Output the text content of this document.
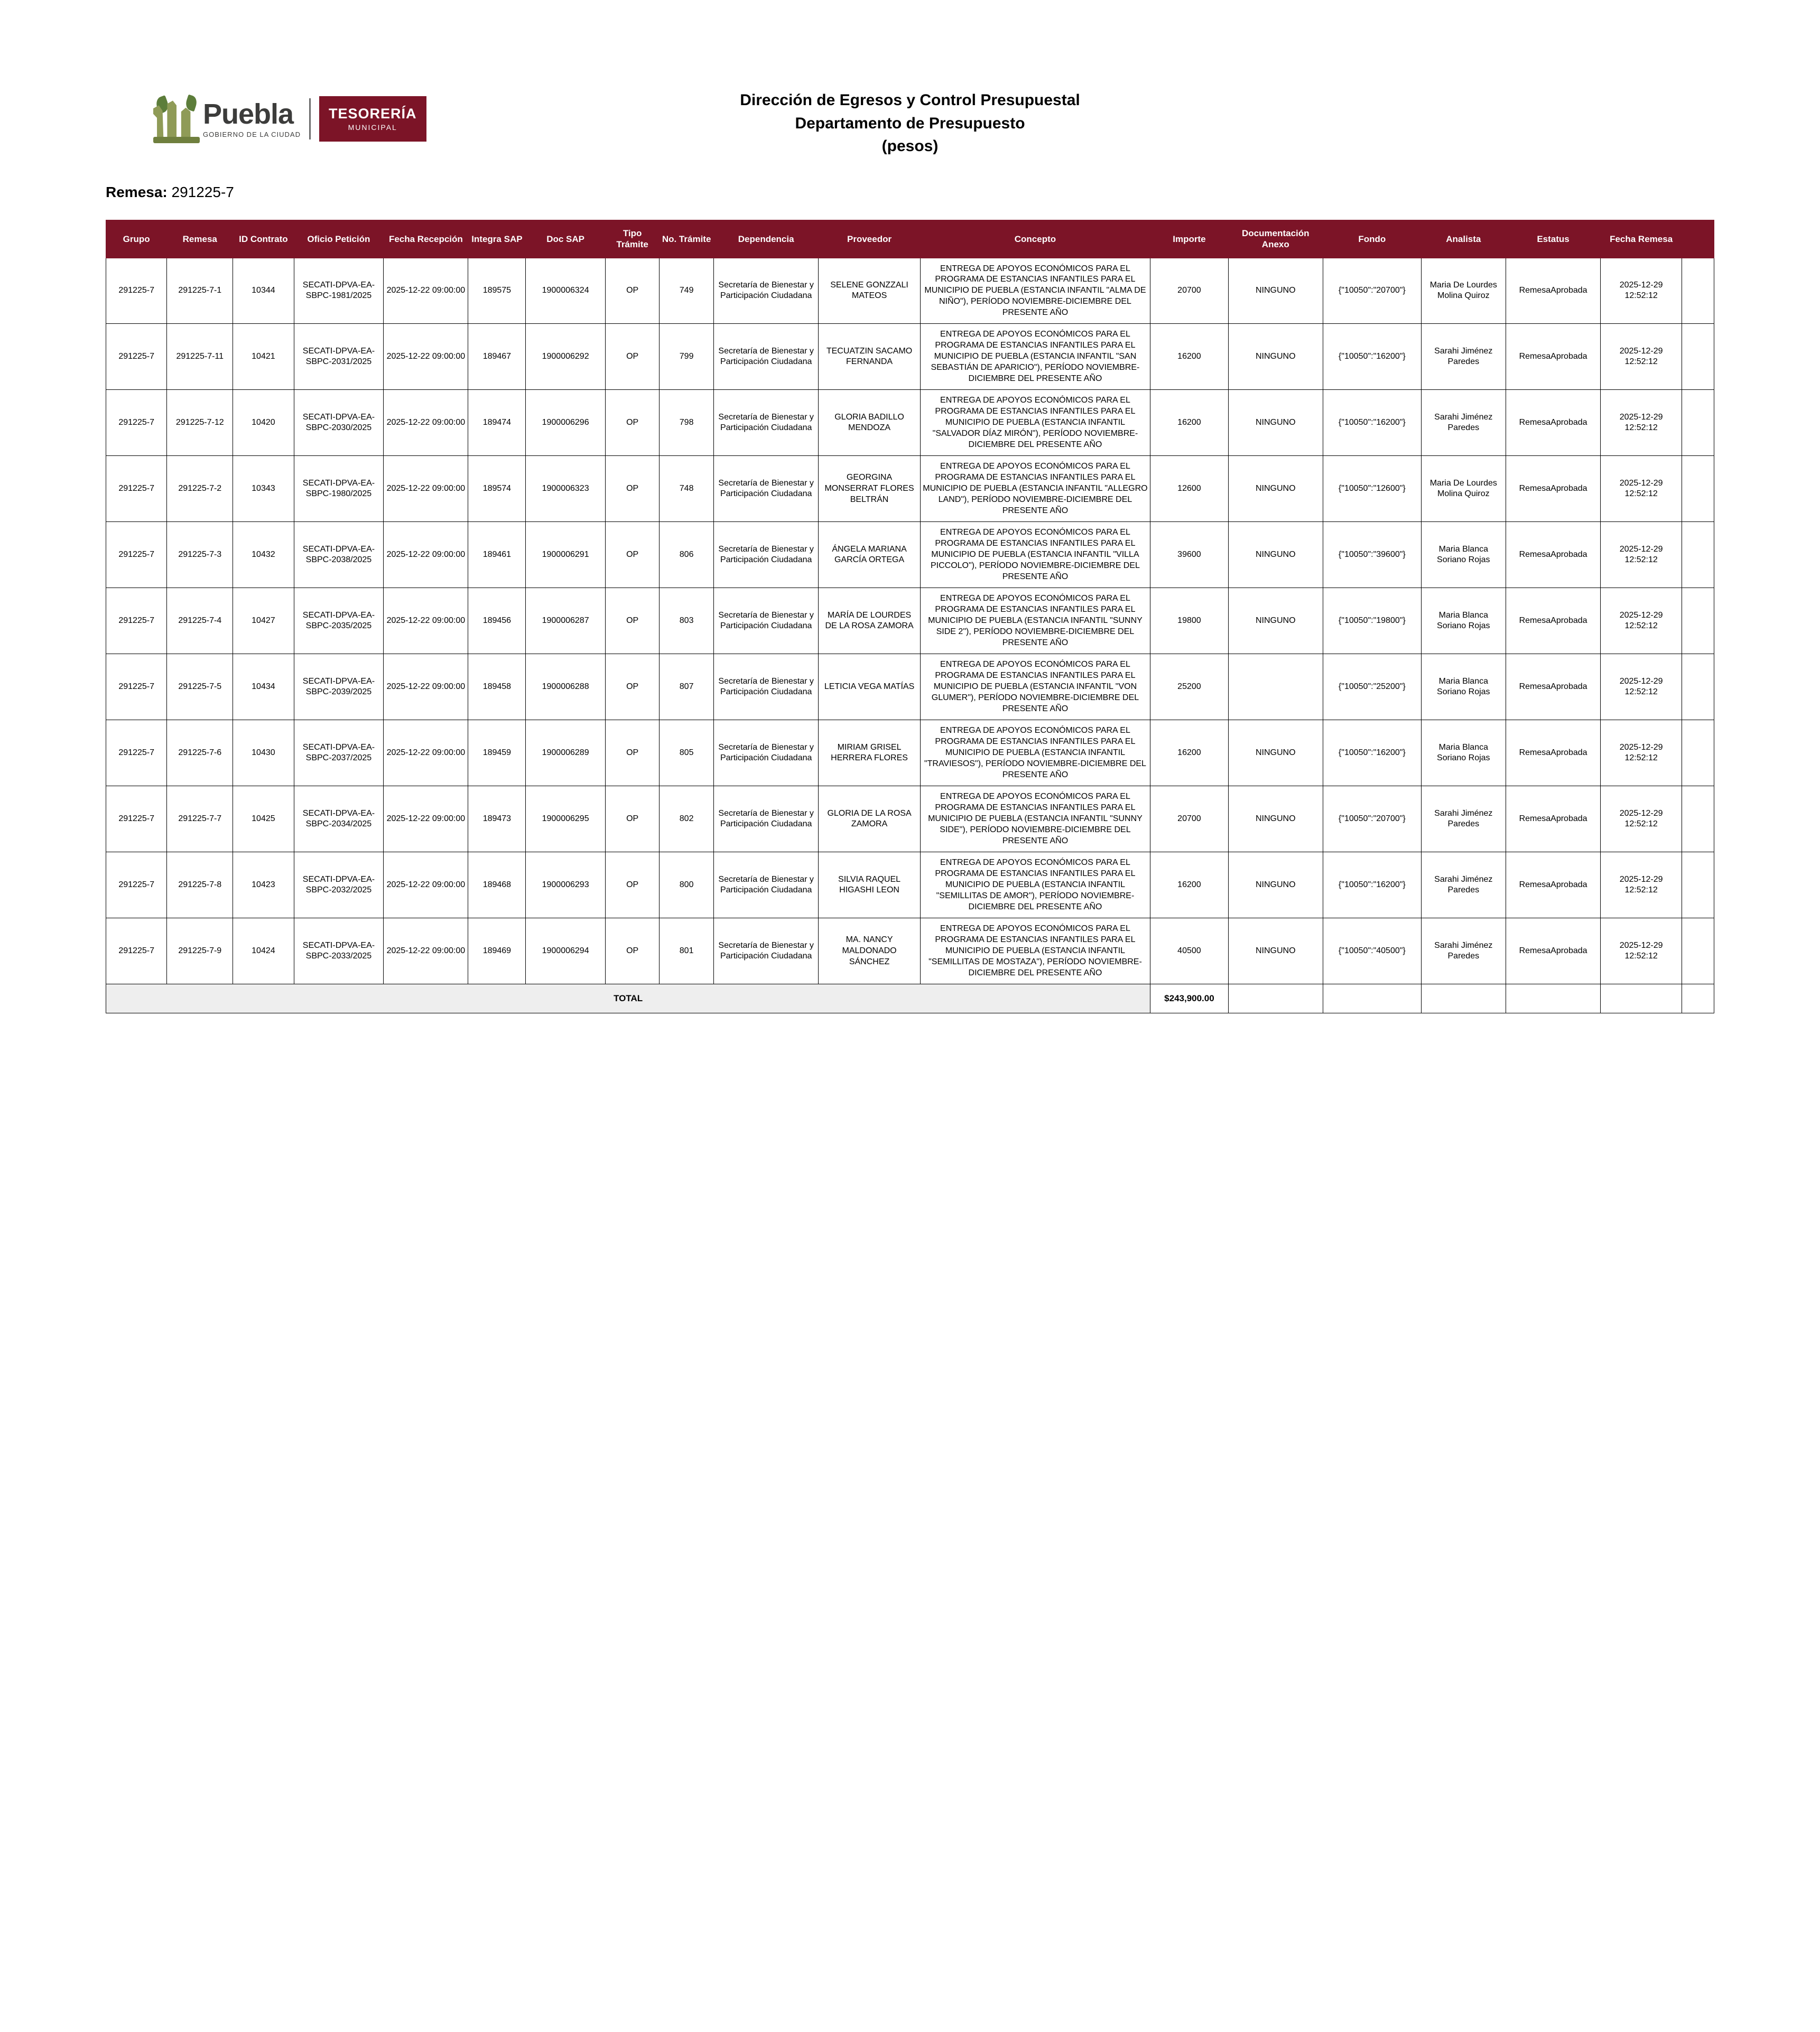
Puebla
GOBIERNO DE LA CIUDAD
TESORERÍA
MUNICIPAL
Dirección de Egresos y Control Presupuestal
Departamento de Presupuesto
(pesos)
Remesa: 291225-7
Grupo	Remesa	ID Contrato	Oficio Petición	Fecha Recepción	Integra SAP	Doc SAP	Tipo Trámite	No. Trámite	Dependencia	Proveedor	Concepto	Importe	Documentación Anexo	Fondo	Analista	Estatus	Fecha Remesa	
291225-7	291225-7-1	10344	SECATI-DPVA-EA-SBPC-1981/2025	2025-12-22 09:00:00	189575	1900006324	OP	749	Secretaría de Bienestar y Participación Ciudadana	SELENE GONZZALI MATEOS	ENTREGA DE APOYOS ECONÓMICOS PARA EL PROGRAMA DE ESTANCIAS INFANTILES PARA EL MUNICIPIO DE PUEBLA (ESTANCIA INFANTIL "ALMA DE NIÑO"), PERÍODO NOVIEMBRE-DICIEMBRE DEL PRESENTE AÑO	20700	NINGUNO	{"10050":"20700"}	Maria De Lourdes Molina Quiroz	RemesaAprobada	2025-12-29 12:52:12	
291225-7	291225-7-11	10421	SECATI-DPVA-EA-SBPC-2031/2025	2025-12-22 09:00:00	189467	1900006292	OP	799	Secretaría de Bienestar y Participación Ciudadana	TECUATZIN SACAMO FERNANDA	ENTREGA DE APOYOS ECONÓMICOS PARA EL PROGRAMA DE ESTANCIAS INFANTILES PARA EL MUNICIPIO DE PUEBLA (ESTANCIA INFANTIL "SAN SEBASTIÁN DE APARICIO"), PERÍODO NOVIEMBRE-DICIEMBRE DEL PRESENTE AÑO	16200	NINGUNO	{"10050":"16200"}	Sarahi Jiménez Paredes	RemesaAprobada	2025-12-29 12:52:12	
291225-7	291225-7-12	10420	SECATI-DPVA-EA-SBPC-2030/2025	2025-12-22 09:00:00	189474	1900006296	OP	798	Secretaría de Bienestar y Participación Ciudadana	GLORIA BADILLO MENDOZA	ENTREGA DE APOYOS ECONÓMICOS PARA EL PROGRAMA DE ESTANCIAS INFANTILES PARA EL MUNICIPIO DE PUEBLA (ESTANCIA INFANTIL "SALVADOR DÍAZ MIRÓN"), PERÍODO NOVIEMBRE-DICIEMBRE DEL PRESENTE AÑO	16200	NINGUNO	{"10050":"16200"}	Sarahi Jiménez Paredes	RemesaAprobada	2025-12-29 12:52:12	
291225-7	291225-7-2	10343	SECATI-DPVA-EA-SBPC-1980/2025	2025-12-22 09:00:00	189574	1900006323	OP	748	Secretaría de Bienestar y Participación Ciudadana	GEORGINA MONSERRAT FLORES BELTRÁN	ENTREGA DE APOYOS ECONÓMICOS PARA EL PROGRAMA DE ESTANCIAS INFANTILES PARA EL MUNICIPIO DE PUEBLA (ESTANCIA INFANTIL "ALLEGRO LAND"), PERÍODO NOVIEMBRE-DICIEMBRE DEL PRESENTE AÑO	12600	NINGUNO	{"10050":"12600"}	Maria De Lourdes Molina Quiroz	RemesaAprobada	2025-12-29 12:52:12	
291225-7	291225-7-3	10432	SECATI-DPVA-EA-SBPC-2038/2025	2025-12-22 09:00:00	189461	1900006291	OP	806	Secretaría de Bienestar y Participación Ciudadana	ÁNGELA MARIANA GARCÍA ORTEGA	ENTREGA DE APOYOS ECONÓMICOS PARA EL PROGRAMA DE ESTANCIAS INFANTILES PARA EL MUNICIPIO DE PUEBLA (ESTANCIA INFANTIL "VILLA PICCOLO"), PERÍODO NOVIEMBRE-DICIEMBRE DEL PRESENTE AÑO	39600	NINGUNO	{"10050":"39600"}	Maria Blanca Soriano Rojas	RemesaAprobada	2025-12-29 12:52:12	
291225-7	291225-7-4	10427	SECATI-DPVA-EA-SBPC-2035/2025	2025-12-22 09:00:00	189456	1900006287	OP	803	Secretaría de Bienestar y Participación Ciudadana	MARÍA DE LOURDES DE LA ROSA ZAMORA	ENTREGA DE APOYOS ECONÓMICOS PARA EL PROGRAMA DE ESTANCIAS INFANTILES PARA EL MUNICIPIO DE PUEBLA (ESTANCIA INFANTIL "SUNNY SIDE 2"), PERÍODO NOVIEMBRE-DICIEMBRE DEL PRESENTE AÑO	19800	NINGUNO	{"10050":"19800"}	Maria Blanca Soriano Rojas	RemesaAprobada	2025-12-29 12:52:12	
291225-7	291225-7-5	10434	SECATI-DPVA-EA-SBPC-2039/2025	2025-12-22 09:00:00	189458	1900006288	OP	807	Secretaría de Bienestar y Participación Ciudadana	LETICIA VEGA MATÍAS	ENTREGA DE APOYOS ECONÓMICOS PARA EL PROGRAMA DE ESTANCIAS INFANTILES PARA EL MUNICIPIO DE PUEBLA (ESTANCIA INFANTIL "VON GLUMER"), PERÍODO NOVIEMBRE-DICIEMBRE DEL PRESENTE AÑO	25200		{"10050":"25200"}	Maria Blanca Soriano Rojas	RemesaAprobada	2025-12-29 12:52:12	
291225-7	291225-7-6	10430	SECATI-DPVA-EA-SBPC-2037/2025	2025-12-22 09:00:00	189459	1900006289	OP	805	Secretaría de Bienestar y Participación Ciudadana	MIRIAM GRISEL HERRERA FLORES	ENTREGA DE APOYOS ECONÓMICOS PARA EL PROGRAMA DE ESTANCIAS INFANTILES PARA EL MUNICIPIO DE PUEBLA (ESTANCIA INFANTIL "TRAVIESOS"), PERÍODO NOVIEMBRE-DICIEMBRE DEL PRESENTE AÑO	16200	NINGUNO	{"10050":"16200"}	Maria Blanca Soriano Rojas	RemesaAprobada	2025-12-29 12:52:12	
291225-7	291225-7-7	10425	SECATI-DPVA-EA-SBPC-2034/2025	2025-12-22 09:00:00	189473	1900006295	OP	802	Secretaría de Bienestar y Participación Ciudadana	GLORIA DE LA ROSA ZAMORA	ENTREGA DE APOYOS ECONÓMICOS PARA EL PROGRAMA DE ESTANCIAS INFANTILES PARA EL MUNICIPIO DE PUEBLA (ESTANCIA INFANTIL "SUNNY SIDE"), PERÍODO NOVIEMBRE-DICIEMBRE DEL PRESENTE AÑO	20700	NINGUNO	{"10050":"20700"}	Sarahi Jiménez Paredes	RemesaAprobada	2025-12-29 12:52:12	
291225-7	291225-7-8	10423	SECATI-DPVA-EA-SBPC-2032/2025	2025-12-22 09:00:00	189468	1900006293	OP	800	Secretaría de Bienestar y Participación Ciudadana	SILVIA RAQUEL HIGASHI LEON	ENTREGA DE APOYOS ECONÓMICOS PARA EL PROGRAMA DE ESTANCIAS INFANTILES PARA EL MUNICIPIO DE PUEBLA (ESTANCIA INFANTIL "SEMILLITAS DE AMOR"), PERÍODO NOVIEMBRE-DICIEMBRE DEL PRESENTE AÑO	16200	NINGUNO	{"10050":"16200"}	Sarahi Jiménez Paredes	RemesaAprobada	2025-12-29 12:52:12	
291225-7	291225-7-9	10424	SECATI-DPVA-EA-SBPC-2033/2025	2025-12-22 09:00:00	189469	1900006294	OP	801	Secretaría de Bienestar y Participación Ciudadana	MA. NANCY MALDONADO SÁNCHEZ	ENTREGA DE APOYOS ECONÓMICOS PARA EL PROGRAMA DE ESTANCIAS INFANTILES PARA EL MUNICIPIO DE PUEBLA (ESTANCIA INFANTIL "SEMILLITAS DE MOSTAZA"), PERÍODO NOVIEMBRE-DICIEMBRE DEL PRESENTE AÑO	40500	NINGUNO	{"10050":"40500"}	Sarahi Jiménez Paredes	RemesaAprobada	2025-12-29 12:52:12	
TOTAL												$243,900.00						
